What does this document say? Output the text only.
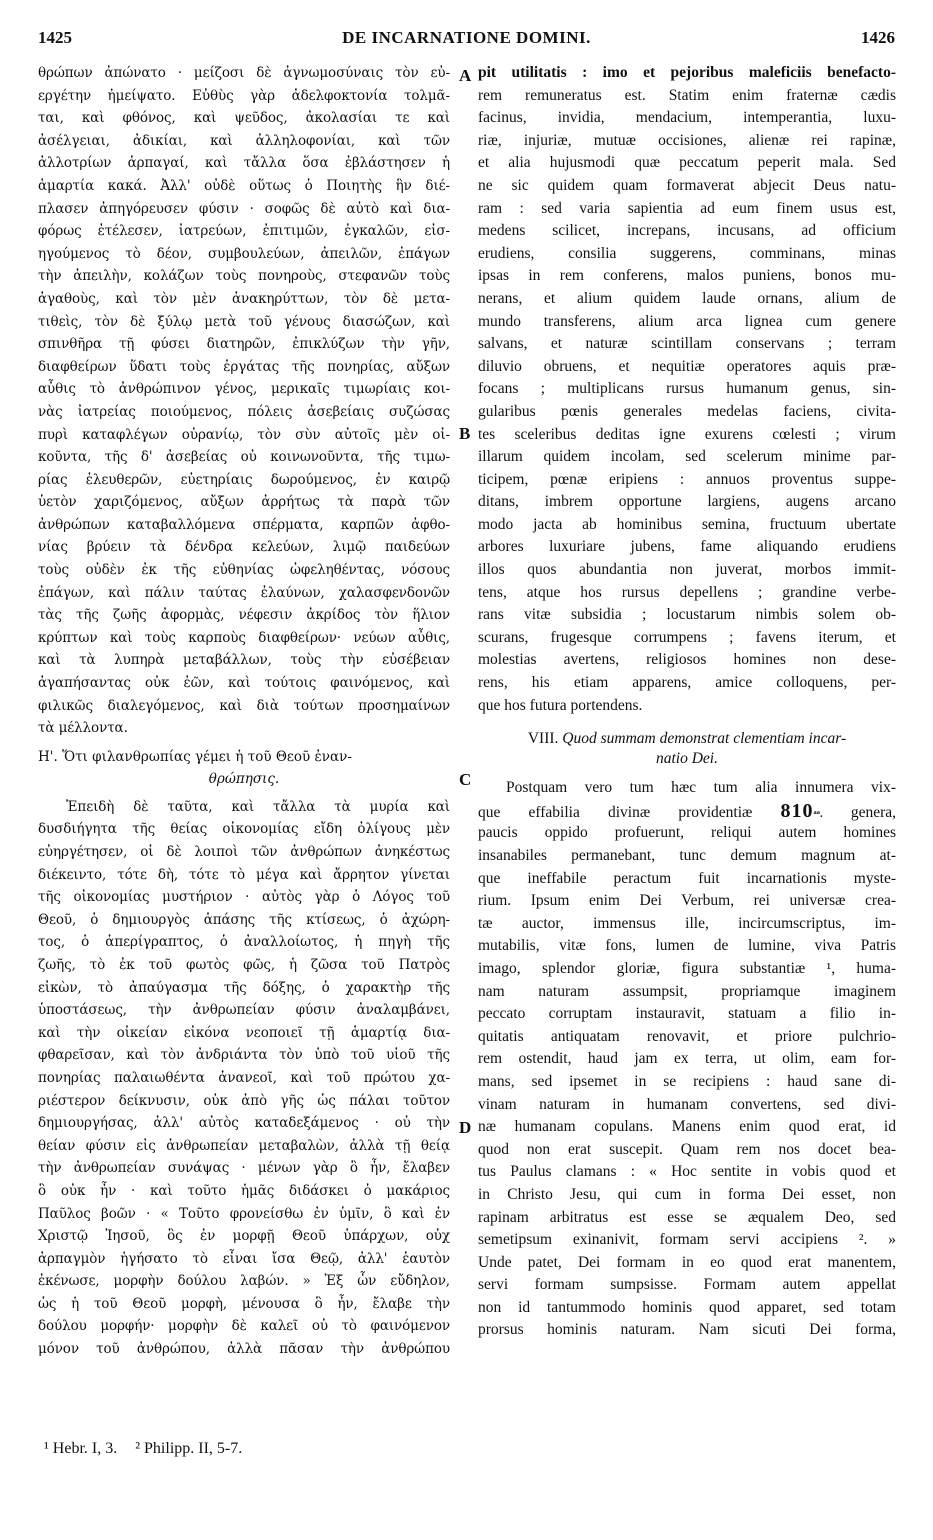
1425	DE INCARNATIONE DOMINI.	1426
θρώπων ἀπώνατο · μείζοσι δὲ ἀγνωμοσύναις τὸν εὐ-
εργέτην ἠμείψατο. Εὐθὺς γὰρ ἀδελφοκτονία τολμᾶ-
ται, καὶ φθόνος, καὶ ψεῦδος, ἀκολασίαι τε καὶ
ἀσέλγειαι, ἀδικίαι, καὶ ἀλληλοφονίαι, καὶ τῶν
ἀλλοτρίων ἁρπαγαί, καὶ τἄλλα ὅσα ἐβλάστησεν ἡ
ἁμαρτία κακά. Ἀλλ' οὐδὲ οὕτως ὁ Ποιητὴς ἣν διέ-
πλασεν ἀπηγόρευσεν φύσιν · σοφῶς δὲ αὐτὸ καὶ δια-
φόρως ἐτέλεσεν, ἰατρεύων, ἐπιτιμῶν, ἐγκαλῶν, εἰσ-
ηγούμενος τὸ δέον, συμβουλεύων, ἀπειλῶν, ἐπάγων
τὴν ἀπειλὴν, κολάζων τοὺς πονηροὺς, στεφανῶν τοὺς
ἀγαθοὺς, καὶ τὸν μὲν ἀνακηρύττων, τὸν δὲ μετα-
τιθεὶς, τὸν δὲ ξύλῳ μετὰ τοῦ γένους διασώζων, καὶ
σπινθῆρα τῇ φύσει διατηρῶν, ἐπικλύζων τὴν γῆν,
διαφθείρων ὕδατι τοὺς ἐργάτας τῆς πονηρίας, αὔξων
αὖθις τὸ ἀνθρώπινον γένος, μερικαῖς τιμωρίαις κοι-
νὰς ἰατρείας ποιούμενος, πόλεις ἀσεβείαις συζώσας
πυρὶ καταφλέγων οὐρανίῳ, τὸν σὺν αὐτοῖς μὲν οἰ-
κοῦντα, τῆς δ' ἀσεβείας οὐ κοινωνοῦντα, τῆς τιμω-
ρίας ἐλευθερῶν, εὐετηρίαις δωρούμενος, ἐν καιρῷ
ὑετὸν χαριζόμενος, αὔξων ἀρρήτως τὰ παρὰ τῶν
ἀνθρώπων καταβαλλόμενα σπέρματα, καρπῶν ἀφθο-
νίας βρύειν τὰ δένδρα κελεύων, λιμῷ παιδεύων
τοὺς οὐδὲν ἐκ τῆς εὐθηνίας ὠφεληθέντας, νόσους
ἐπάγων, καὶ πάλιν ταύτας ἐλαύνων, χαλασφενδονῶν
τὰς τῆς ζωῆς ἀφορμὰς, νέφεσιν ἀκρίδος τὸν ἥλιον
κρύπτων καὶ τοὺς καρποὺς διαφθείρων· νεύων αὖθις,
καὶ τὰ λυπηρὰ μεταβάλλων, τοὺς τὴν εὐσέβειαν
ἀγαπήσαντας οὐκ ἐῶν, καὶ τούτοις φαινόμενος, καὶ
φιλικῶς διαλεγόμενος, καὶ διὰ τούτων προσημαίνων
τὰ μέλλοντα.
Η'. Ὅτι φιλανθρωπίας γέμει ἡ τοῦ Θεοῦ ἐναν-
θρώπησις.
Ἐπειδὴ δὲ ταῦτα, καὶ τἄλλα τὰ μυρία καὶ
δυσδιήγητα τῆς θείας οἰκονομίας εἴδη ὀλίγους μὲν
εὐηργέτησεν, οἱ δὲ λοιποὶ τῶν ἀνθρώπων ἀνηκέστως
διέκειντο, τότε δὴ, τότε τὸ μέγα καὶ ἄρρητον γίνεται
τῆς οἰκονομίας μυστήριον · αὐτὸς γὰρ ὁ Λόγος τοῦ
Θεοῦ, ὁ δημιουργὸς ἁπάσης τῆς κτίσεως, ὁ ἀχώρη-
τος, ὁ ἀπερίγραπτος, ὁ ἀναλλοίωτος, ἡ πηγὴ τῆς
ζωῆς, τὸ ἐκ τοῦ φωτὸς φῶς, ἡ ζῶσα τοῦ Πατρὸς
εἰκὼν, τὸ ἀπαύγασμα τῆς δόξης, ὁ χαρακτὴρ τῆς
ὑποστάσεως, τὴν ἀνθρωπείαν φύσιν ἀναλαμβάνει,
καὶ τὴν οἰκείαν εἰκόνα νεοποιεῖ τῇ ἁμαρτίᾳ δια-
φθαρεῖσαν, καὶ τὸν ἀνδριάντα τὸν ὑπὸ τοῦ υἱοῦ τῆς
πονηρίας παλαιωθέντα ἀνανεοῖ, καὶ τοῦ πρώτου χα-
ριέστερον δείκνυσιν, οὐκ ἀπὸ γῆς ὡς πάλαι τοῦτον
δημιουργήσας, ἀλλ' αὐτὸς καταδεξάμενος · οὐ τὴν
θείαν φύσιν εἰς ἀνθρωπείαν μεταβαλὼν, ἀλλὰ τῇ θείᾳ
τὴν ἀνθρωπείαν συνάψας · μένων γὰρ ὃ ἦν, ἔλαβεν
ὃ οὐκ ἦν · καὶ τοῦτο ἡμᾶς διδάσκει ὁ μακάριος
Παῦλος βοῶν · « Τοῦτο φρονείσθω ἐν ὑμῖν, ὃ καὶ ἐν
Χριστῷ Ἰησοῦ, ὃς ἐν μορφῇ Θεοῦ ὑπάρχων, οὐχ
ἁρπαγμὸν ἡγήσατο τὸ εἶναι ἴσα Θεῷ, ἀλλ' ἑαυτὸν
ἐκένωσε, μορφὴν δούλου λαβών. » Ἐξ ὧν εὔδηλον,
ὡς ἡ τοῦ Θεοῦ μορφὴ, μένουσα ὃ ἦν, ἔλαβε τὴν
δούλου μορφήν· μορφὴν δὲ καλεῖ οὐ τὸ φαινόμενον
μόνον τοῦ ἀνθρώπου, ἀλλὰ πᾶσαν τὴν ἀνθρώπου
pit utilitatis : imo et pejoribus maleficiis benefacto-
rem remuneratus est. Statim enim fraternæ cædis
facinus, invidia, mendacium, intemperantia, luxu-
riæ, injuriæ, mutuæ occisiones, alienæ rei rapinæ,
et alia hujusmodi quæ peccatum peperit mala. Sed
ne sic quidem quam formaverat abjecit Deus natu-
ram : sed varia sapientia ad eum finem usus est,
medens scilicet, increpans, incusans, ad officium
erudiens, consilia suggerens, comminans, minas
ipsas in rem conferens, malos puniens, bonos mu-
nerans, et alium quidem laude ornans, alium de
mundo transferens, alium arca lignea cum genere
salvans, et naturæ scintillam conservans ; terram
diluvio obruens, et nequitiæ operatores aquis præ-
focans ; multiplicans rursus humanum genus, sin-
gularibus pœnis generales medelas faciens, civita-
tes sceleribus deditas igne exurens cœlesti ; virum
illarum quidem incolam, sed scelerum minime par-
ticipem, pœnæ eripiens : annuos proventus suppe-
ditans, imbrem opportune largiens, augens arcano
modo jacta ab hominibus semina, fructuum ubertate
arbores luxuriare jubens, fame aliquando erudiens
illos quos abundantia non juverat, morbos immit-
tens, atque hos rursus depellens ; grandine verbe-
rans vitæ subsidia ; locustarum nimbis solem ob-
scurans, frugesque corrumpens ; favens iterum, et
molestias avertens, religiosos homines non dese-
rens, his etiam apparens, amice colloquens, per-
que hos futura portendens.
VIII. Quod summam demonstrat clementiam incar-
natio Dei.
Postquam vero tum hæc tum alia innumera vix-
que effabilia divinæ providentiæ 810ᵃᵃ. genera,
paucis oppido profuerunt, reliqui autem homines
insanabiles permanebant, tunc demum magnum at-
que ineffabile peractum fuit incarnationis myste-
rium. Ipsum enim Dei Verbum, rei universæ crea-
tæ auctor, immensus ille, incircumscriptus, im-
mutabilis, vitæ fons, lumen de lumine, viva Patris
imago, splendor gloriæ, figura substantiæ ¹, huma-
nam naturam assumpsit, propriamque imaginem
peccato corruptam instauravit, statuam a filio in-
quitatis antiquatam renovavit, et priore pulchrio-
rem ostendit, haud jam ex terra, ut olim, eam for-
mans, sed ipsemet in se recipiens : haud sane di-
vinam naturam in humanam convertens, sed divi-
næ humanam copulans. Manens enim quod erat, id
quod non erat suscepit. Quam rem nos docet bea-
tus Paulus clamans : « Hoc sentite in vobis quod et
in Christo Jesu, qui cum in forma Dei esset, non
rapinam arbitratus est esse se æqualem Deo, sed
semetipsum exinanivit, formam servi accipiens ². »
Unde patet, Dei formam in eo quod erat manentem,
servi formam sumpsisse. Formam autem appellat
non id tantummodo hominis quod apparet, sed totam
prorsus hominis naturam. Nam sicuti Dei forma,
A
B
C
D
¹ Hebr. I, 3. ² Philipp. II, 5-7.
